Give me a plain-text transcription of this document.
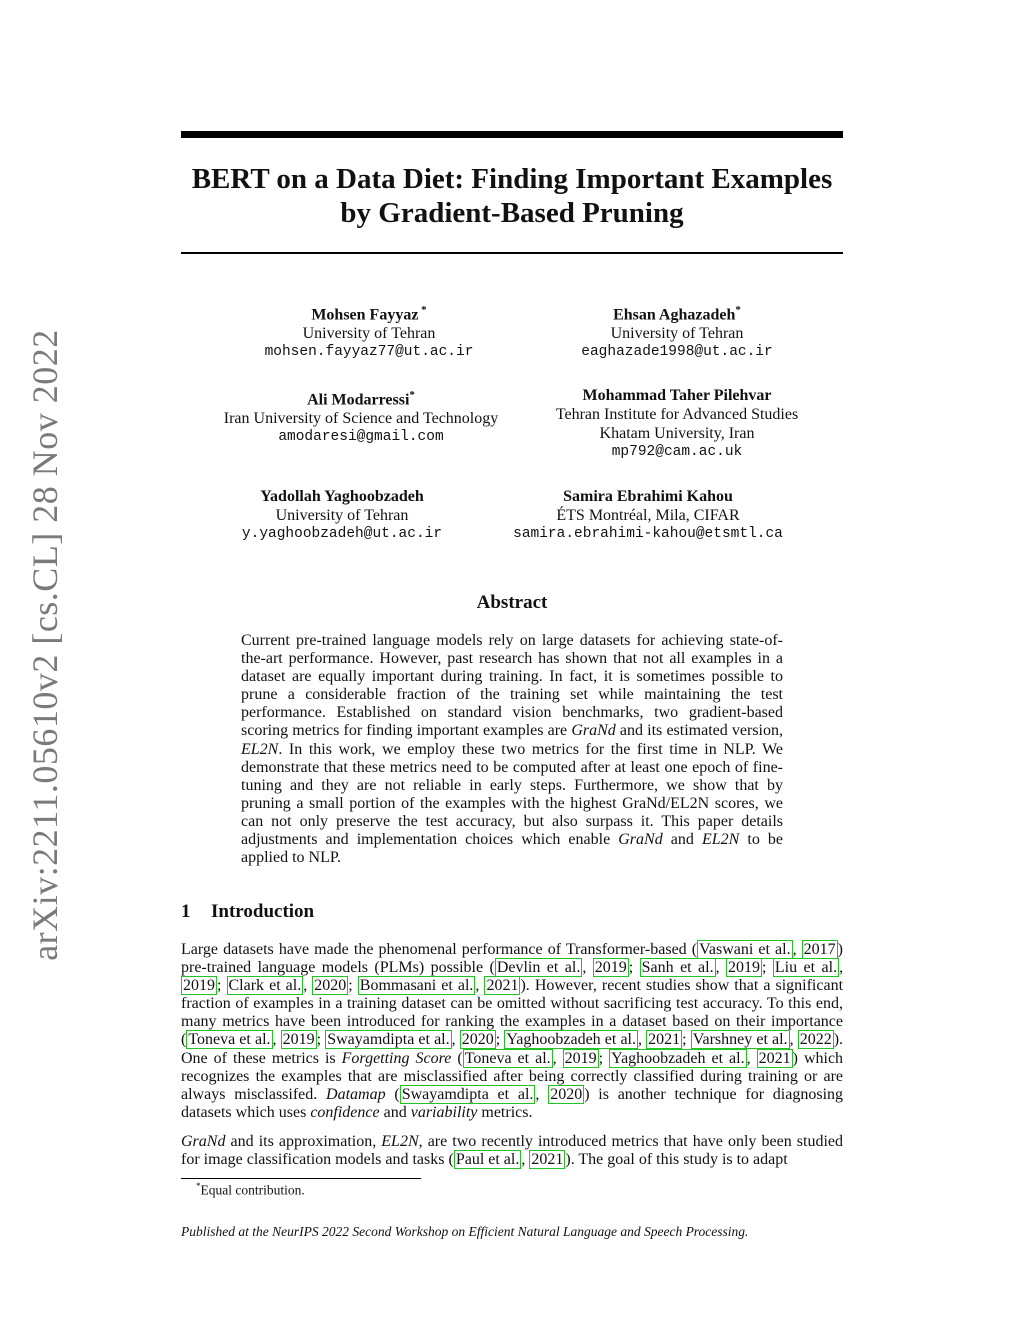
arXiv:2211.05610v2 [cs.CL] 28 Nov 2022
BERT on a Data Diet: Finding Important Examples
by Gradient-Based Pruning
Mohsen Fayyaz *
University of Tehran
mohsen.fayyaz77@ut.ac.ir
Ehsan Aghazadeh*
University of Tehran
eaghazade1998@ut.ac.ir
Ali Modarressi*
Iran University of Science and Technology
amodaresi@gmail.com
Mohammad Taher Pilehvar
Tehran Institute for Advanced Studies
Khatam University, Iran
mp792@cam.ac.uk
Yadollah Yaghoobzadeh
University of Tehran
y.yaghoobzadeh@ut.ac.ir
Samira Ebrahimi Kahou
ÉTS Montréal, Mila, CIFAR
samira.ebrahimi-kahou@etsmtl.ca
Abstract
Current pre-trained language models rely on large datasets for achieving state-of-the-art performance. However, past research has shown that not all examples in a dataset are equally important during training. In fact, it is sometimes possible to prune a considerable fraction of the training set while maintaining the test performance. Established on standard vision benchmarks, two gradient-based scoring metrics for finding important examples are GraNd and its estimated version, EL2N. In this work, we employ these two metrics for the first time in NLP. We demonstrate that these metrics need to be computed after at least one epoch of fine-tuning and they are not reliable in early steps. Furthermore, we show that by pruning a small portion of the examples with the highest GraNd/EL2N scores, we can not only preserve the test accuracy, but also surpass it. This paper details adjustments and implementation choices which enable GraNd and EL2N to be applied to NLP.
1 Introduction
Large datasets have made the phenomenal performance of Transformer-based ( Vaswani et al. , 2017 ) pre-trained language models (PLMs) possible ( Devlin et al. , 2019 ; Sanh et al. , 2019 ; Liu et al. , 2019 ; Clark et al. , 2020 ; Bommasani et al. , 2021 ). However, recent studies show that a significant fraction of examples in a training dataset can be omitted without sacrificing test accuracy. To this end, many metrics have been introduced for ranking the examples in a dataset based on their importance ( Toneva et al. , 2019 ; Swayamdipta et al. , 2020 ; Yaghoobzadeh et al. , 2021 ; Varshney et al. , 2022 ). One of these metrics is Forgetting Score ( Toneva et al. , 2019 ; Yaghoobzadeh et al. , 2021 ) which recognizes the examples that are misclassified after being correctly classified during training or are always misclassifed. Datamap ( Swayamdipta et al. , 2020 ) is another technique for diagnosing datasets which uses confidence and variability metrics.
GraNd and its approximation, EL2N, are two recently introduced metrics that have only been studied for image classification models and tasks ( Paul et al. , 2021 ). The goal of this study is to adapt
*Equal contribution.
Published at the NeurIPS 2022 Second Workshop on Efficient Natural Language and Speech Processing.
